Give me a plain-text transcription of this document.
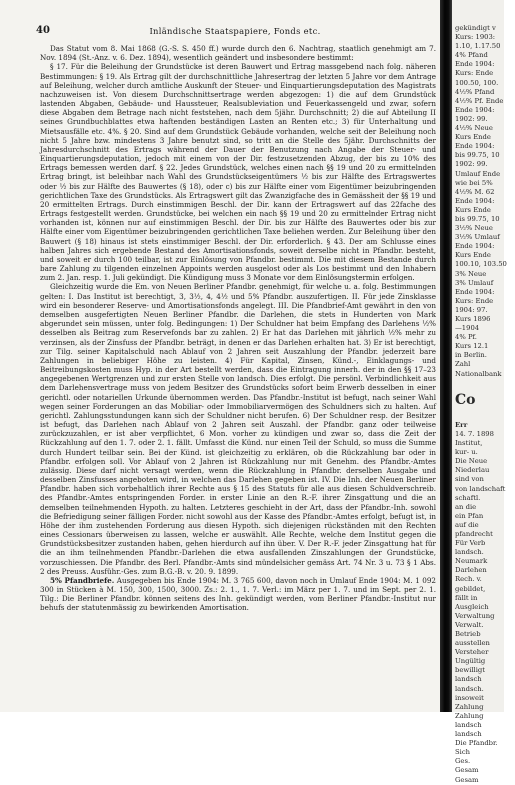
40	Inländische Staatspapiere, Fonds etc.

Das Statut vom 8. Mai 1868 (G.-S. S. 450 ff.) wurde durch den 6. Nachtrag, staatlich genehmigt am 7. Nov. 1894 (St.-Anz. v. 6. Dez. 1894), wesentlich geändert und insbesondere bestimmt:

§ 17. Für die Beleihung der Grundstücke ist deren Bauwert und Ertrag massgebend nach folg. näheren Bestimmungen: § 19. Als Ertrag gilt der durchschnittliche Jahresertrag der letzten 5 Jahre vor dem Antrage auf Beleihung, welcher durch amtliche Auskunft der Steuer- und Einquartierungsdeputation des Magistrats nachzuweisen ist. Von diesem Durchschnittsertrage werden abgezogen: 1) die auf dem Grundstück lastenden Abgaben, Gebäude- und Haussteuer, Realsubleviation und Feuerkassengeld und zwar, sofern diese Abgaben dem Betrage nach nicht feststehen, nach dem 5jähr. Durchschnitt; 2) die auf Abteilung II seines Grundbuchblattes etwa haftenden beständigen Lasten an Renten etc.; 3) für Unterhaltung und Mietsausfälle etc. 4%. § 20. Sind auf dem Grundstück Gebäude vorhanden, welche seit der Beleihung noch nicht 5 Jahre bzw. mindestens 3 Jahre benutzt sind, so tritt an die Stelle des 5jähr. Durchschnitts der Jahresdurchschnitt des Ertrags während der Dauer der Benutzung nach Angabe der Steuer- und Einquartierungsdeputation, jedoch mit einem von der Dir. festzusetzenden Abzug, der bis zu 10% des Ertrags bemessen werden darf. § 22. Jedes Grundstück, welches einen nach §§ 19 und 20 zu ermittelnden Ertrag bringt, ist beleihbar nach Wahl des Grundstückseigentümers ½ bis zur Hälfte des Ertragswertes oder ½ bis zur Hälfte des Bauwertes (§ 18), oder c) bis zur Hälfte einer vom Eigentümer beizubringenden gerichtlichen Taxe des Grundstücks. Als Ertragswert gilt das Zwanzigfache des in Gemässheit der §§ 19 und 20 ermittelten Ertrags. Durch einstimmigen Beschl. der Dir. kann der Ertragswert auf das 22fache des Ertrags festgestellt werden. Grundstücke, bei welchen ein nach §§ 19 und 20 zu ermittelnder Ertrag nicht vorhanden ist, können nur auf einstimmigen Beschl. der Dir. bis zur Hälfte des Bauwertes oder bis zur Hälfte einer vom Eigentümer beizubringenden gerichtlichen Taxe beliehen werden. Zur Beleihung über den Bauwert (§ 18) hinaus ist stets einstimmiger Beschl. der Dir. erforderlich. § 43. Der am Schlusse eines halben Jahres sich ergebende Bestand des Amortisationsfonds, soweit derselbe nicht in Pfandbr. besteht, und soweit er durch 100 teilbar, ist zur Einlösung von Pfandbr. bestimmt. Die mit diesem Bestande durch bare Zahlung zu tilgenden einzelnen Appoints werden ausgelost oder als Los bestimmt und den Inhabern zum 2. Jan. resp. 1. Juli gekündigt. Die Kündigung muss 3 Monate vor dem Einlösungstermin erfolgen.

Gleichzeitig wurde die Em. von Neuen Berliner Pfandbr. genehmigt, für welche u. a. folg. Bestimmungen gelten: I. Das Institut ist berechtigt, 3, 3½, 4, 4½ und 5% Pfandbr. auszufertigen. II. Für jede Zinsklasse wird ein besonderer Reserve- und Amortisationsfonds angelegt. III. Die Pfandbrief-Amt gewährt in den von demselben ausgefertigten Neuen Berliner Pfandbr. die Darlehen, die stets in Hunderten von Mark abgerundet sein müssen, unter folg. Bedingungen: 1) Der Schuldner hat beim Empfang des Darlehens ½% desselben als Beitrag zum Reservefonds bar zu zahlen. 2) Er hat das Darlehen mit jährlich ½% mehr zu verzinsen, als der Zinsfuss der Pfandbr. beträgt, in denen er das Darlehen erhalten hat. 3) Er ist berechtigt, zur Tilg. seiner Kapitalschuld nach Ablauf von 2 Jahren seit Auszahlung der Pfandbr. jederzeit bare Zahlungen in beliebiger Höhe zu leisten. 4) Für Kapital, Zinsen, Künd.-, Einklagungs- und Beitreibungskosten muss Hyp. in der Art bestellt werden, dass die Eintragung innerh. der in den §§ 17–23 angegebenen Wertgrenzen und zur ersten Stelle von landsch. Dies erfolgt. Die persönl. Verbindlichkeit aus dem Darlehensvertrage muss von jedem Besitzer des Grundstücks sofort beim Erwerb desselben in einer gerichtl. oder notariellen Urkunde übernommen werden. Das Pfandbr.-Institut ist befugt, nach seiner Wahl wegen seiner Forderungen an das Mobiliar- oder Immobiliarvermögen des Schuldners sich zu halten. Auf gerichtl. Zahlungsstundungen kann sich der Schuldner nicht berufen. 6) Der Schuldner resp. der Besitzer ist befugt, das Darlehen nach Ablauf von 2 Jahren seit Auszahl. der Pfandbr. ganz oder teilweise zurückzuzahlen, er ist aber verpflichtet, 6 Mon. vorher zu kündigen und zwar so, dass die Zeit der Rückzahlung auf den 1. 7. oder 2. 1. fällt. Umfasst die Künd. nur einen Teil der Schuld, so muss die Summe durch Hundert teilbar sein. Bei der Künd. ist gleichzeitig zu erklären, ob die Rückzahlung bar oder in Pfandbr. erfolgen soll. Vor Ablauf von 2 Jahren ist Rückzahlung nur mit Genehm. des Pfandbr.-Amtes zulässig. Diese darf nicht versagt werden, wenn die Rückzahlung in Pfandbr. derselben Ausgabe und desselben Zinsfusses angeboten wird, in welchen das Darlehen gegeben ist. IV. Die Inh. der Neuen Berliner Pfandbr. haben sich vorbehaltlich ihrer Rechte aus § 15 des Statuts für alle aus diesen Schuldverschreib. des Pfandbr.-Amtes entspringenden Forder. in erster Linie an den R.-F. ihrer Zinsgattung und die an demselben teilnehmenden Hypoth. zu halten. Letzteres geschieht in der Art, dass der Pfandbr.-Inh. sowohl die Befriedigung seiner fälligen Forder. nicht sowohl aus der Kasse des Pfandbr.-Amtes erfolgt, befugt ist, in Höhe der ihm zustehenden Forderung aus diesen Hypoth. sich diejenigen rückständen mit den Rechten eines Cessionars überweisen zu lassen, welche er auswählt. Alle Rechte, welche dem Institut gegen die Grundstücksbesitzer zustanden haben, gehen hierdurch auf ihn über. V. Der R.-F. jeder Zinsgattung hat für die an ihm teilnehmenden Pfandbr.-Darlehen die etwa ausfallenden Zinszahlungen der Grundstücke, vorzuschiessen. Die Pfandbr. des Berl. Pfandbr.-Amts sind mündelsicher gemäss Art. 74 Nr. 3 u. 73 § 1 Abs. 2 des Preuss. Ausführ.-Ges. zum B.G.-B. v. 20. 9. 1899.

5% Pfandbriefe. Ausgegeben bis Ende 1904: M. 3 765 600, davon noch in Umlauf Ende 1904: M. 1 092 300 in Stücken à M. 150, 300, 1500, 3000. Zs.: 2. 1., 1. 7. Verl.: im März per 1. 7. und im Sept. per 2. 1. Tilg.: Die Berliner Pfandbr. können seitens des Inh. gekündigt werden, vom Berliner Pfandbr.-Institut nur behufs der statutenmässig zu bewirkenden Amortisation.

gekündigt v
Kurs: 1903:
1.10, 1.17.50
4% Pfand
Ende 1904:
Kurs: Ende
100.50, 100.
4½% Pfand
4½% Pf. Ende
Ende 1904:
1902: 99.
4½% Neue
Kurs Ende
Ende 1904:
bis 99.75, 10
1902: 99.
Umlauf Ende
wie bei 5%
4½% M. 62
Ende 1904:
Kurs Ende
bis 99.75, 10
3½% Neue
3½% Umlauf
Ende 1904:
Kurs Ende
100.10, 103.50
3% Neue
3% Umlauf
Ende 1904:
Kurs: Ende
1904: 97.
Kurs 1896
—1904
4% Pf.
Kurs 12.1
in Berlin.
Zahl
Nationalbank
Co
Err
14. 7. 1898
Institut,
kur- u.
Die Neue
Niederlau
sind von
von landschaft
schaftl.
an die
ein Pfan
auf die
pfandrecht
Für Verb
landsch.
Neumark
Darlehen
Rech. v.
gebildet,
fällt in
Ausgleich
Verwaltung
Verwalt.
Betrieb
ausstellen
Versteher
Ungültig
bewilligt
landsch
landsch.
insoweit
Zahlung
Zahlung
landsch
landsch
Die Pfandbr.
Sich
Ges.
Gesam
Gesam
